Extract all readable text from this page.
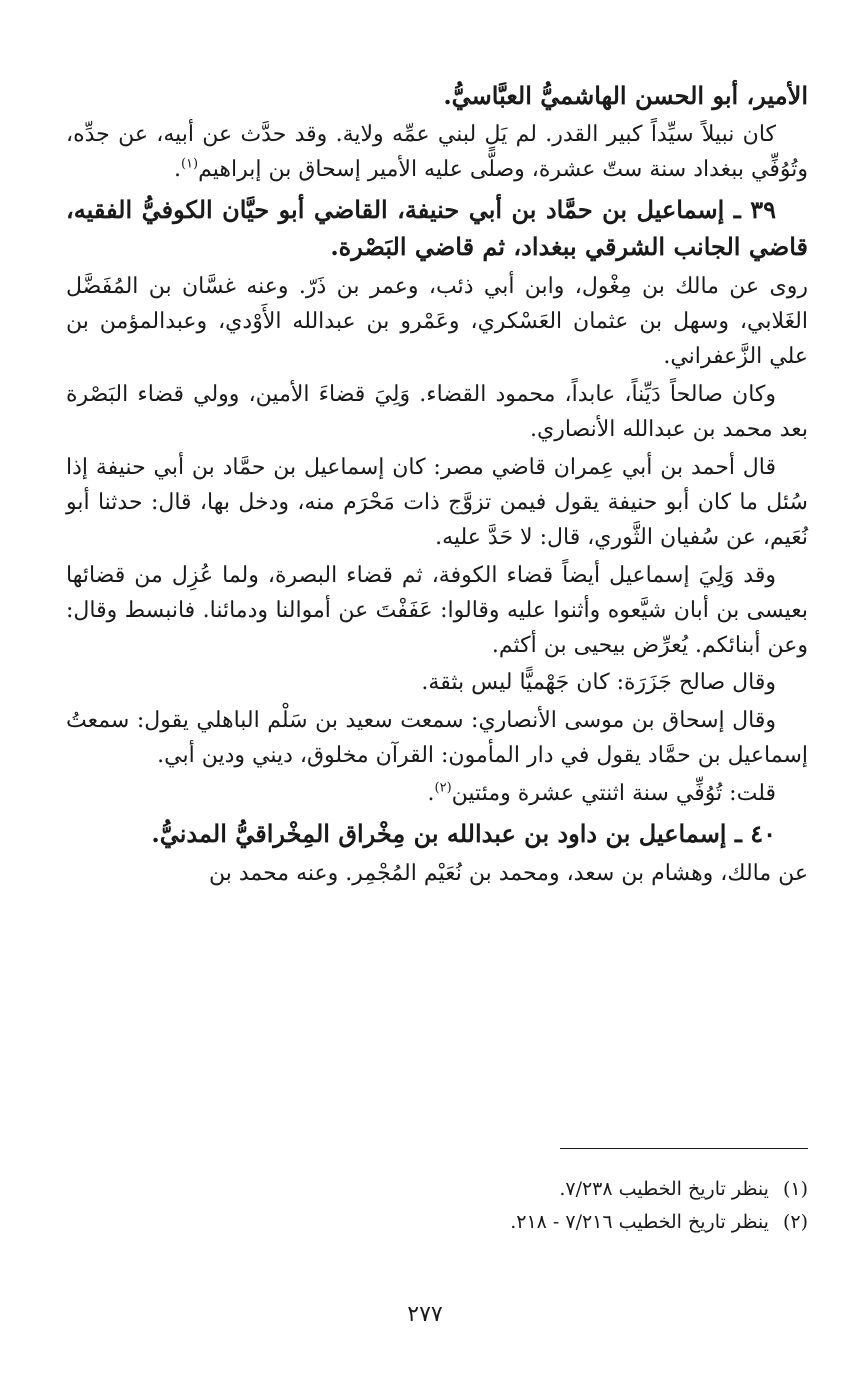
الأمير، أبو الحسن الهاشميُّ العبَّاسيُّ.

كان نبيلاً سيِّداً كبير القدر. لم يَلِ لبني عمِّه ولاية. وقد حدَّث عن أبيه، عن جدِّه، وتُوُفِّي ببغداد سنة ستّ عشرة، وصلَّى عليه الأمير إسحاق بن إبراهيم$^{(١)}$.

٣٩ ـ إسماعيل بن حمَّاد بن أبي حنيفة، القاضي أبو حيَّان الكوفيُّ الفقيه، قاضي الجانب الشرقي ببغداد، ثم قاضي البَصْرة.

روى عن مالك بن مِغْول، وابن أبي ذئب، وعمر بن ذَرّ. وعنه غسَّان بن المُفَضَّل الغَلابي، وسهل بن عثمان العَسْكري، وعَمْرو بن عبدالله الأَوْدي، وعبدالمؤمن بن علي الزَّعفراني.

وكان صالحاً دَيِّناً، عابداً، محمود القضاء. وَلِيَ قضاءَ الأمين، وولي قضاء البَصْرة بعد محمد بن عبدالله الأنصاري.

قال أحمد بن أبي عِمران قاضي مصر: كان إسماعيل بن حمَّاد بن أبي حنيفة إذا سُئل ما كان أبو حنيفة يقول فيمن تزوَّج ذات مَحْرَم منه، ودخل بها، قال: حدثنا أبو نُعَيم، عن سُفيان الثَّوري، قال: لا حَدَّ عليه.

وقد وَلِيَ إسماعيل أيضاً قضاء الكوفة، ثم قضاء البصرة، ولما عُزِل من قضائها بعيسى بن أبان شيَّعوه وأثنوا عليه وقالوا: عَفَفْتَ عن أموالنا ودمائنا. فانبسط وقال: وعن أبنائكم. يُعرِّض بيحيى بن أكثم.

وقال صالح جَزَرَة: كان جَهْميًّا ليس بثقة.

وقال إسحاق بن موسى الأنصاري: سمعت سعيد بن سَلْم الباهلي يقول: سمعتُ إسماعيل بن حمَّاد يقول في دار المأمون: القرآن مخلوق، ديني ودين أبي.

قلت: تُوُفِّي سنة اثنتي عشرة ومئتين$^{(٢)}$.

٤٠ ـ إسماعيل بن داود بن عبدالله بن مِخْراق المِخْراقيُّ المدنيُّ.

عن مالك، وهشام بن سعد، ومحمد بن نُعَيْم المُجْمِر. وعنه محمد بن

(١)ينظر تاريخ الخطيب ٧/٢٣٨.

(٢)ينظر تاريخ الخطيب ٧/٢١٦ - ٢١٨.

٢٧٧
